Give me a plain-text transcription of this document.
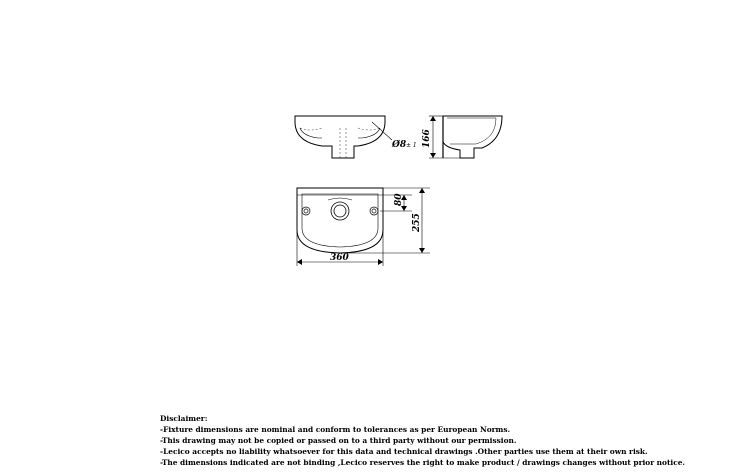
Ø8 ± 1 166
80
255
360
Disclaimer:
-Fixture dimensions are nominal and conform to tolerances as per European Norms.
-This drawing may not be copied or passed on to a third party without our permission.
-Lecico accepts no liability whatsoever for this data and technical drawings .Other parties use them at their own risk.
-The dimensions indicated are not binding ,Lecico reserves the right to make product / drawings changes without prior notice.
